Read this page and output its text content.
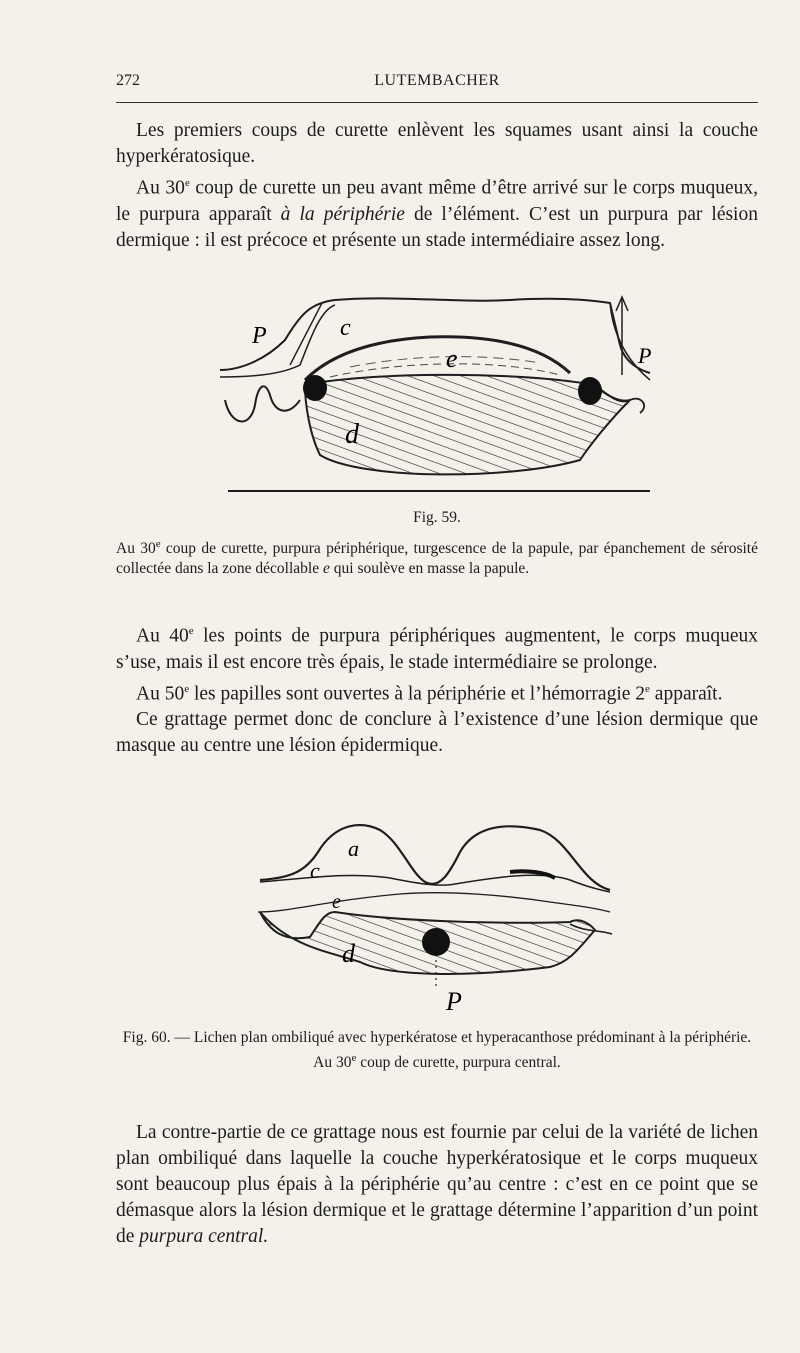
272	LUTEMBACHER

Les premiers coups de curette enlèvent les squames usant ainsi la couche hyperkératosique.

Au 30e coup de curette un peu avant même d’être arrivé sur le corps muqueux, le purpura apparaît à la périphérie de l’élément. C’est un purpura par lésion dermique : il est précoce et présente un stade intermédiaire assez long.

P	c
e
d
P
Fig. 59.
Au 30e coup de curette, purpura périphérique, turgescence de la papule, par épanchement de sérosité collectée dans la zone décollable e qui soulève en masse la papule.

Au 40e les points de purpura périphériques augmentent, le corps muqueux s’use, mais il est encore très épais, le stade intermédiaire se prolonge.

Au 50e les papilles sont ouvertes à la périphérie et l’hémorragie 2e apparaît.

Ce grattage permet donc de conclure à l’existence d’une lésion dermique que masque au centre une lésion épidermique.

a
c
e
d
P
Fig. 60. — Lichen plan ombiliqué avec hyperkératose et hyperacanthose prédominant à la périphérie.
Au 30e coup de curette, purpura central.

La contre-partie de ce grattage nous est fournie par celui de la variété de lichen plan ombiliqué dans laquelle la couche hyperkératosique et le corps muqueux sont beaucoup plus épais à la périphérie qu’au centre : c’est en ce point que se démasque alors la lésion dermique et le grattage détermine l’apparition d’un point de purpura central.
